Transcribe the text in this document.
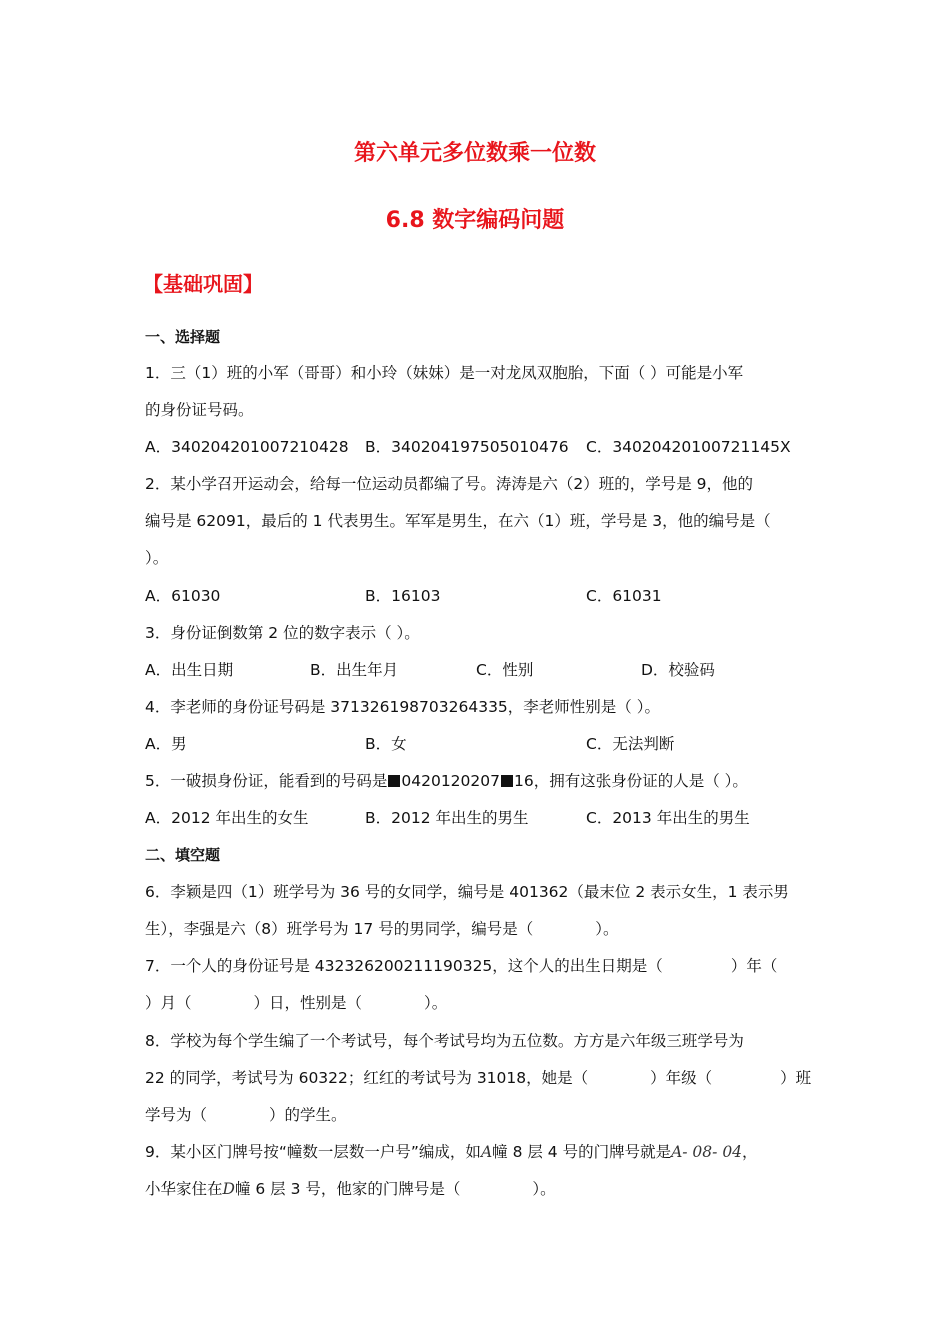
第六单元多位数乘一位数
6.8 数字编码问题
【基础巩固】
一、选择题
1．三（1）班的小军（哥哥）和小玲（妹妹）是一对龙凤双胞胎，下面（ ）可能是小军
的身份证号码。
A．340204201007210428 B．340204197505010476 C．34020420100721145X
2．某小学召开运动会，给每一位运动员都编了号。涛涛是六（2）班的，学号是 9，他的
编号是 62091，最后的 1 代表男生。军军是男生，在六（1）班，学号是 3，他的编号是（
）。
A．61030	B．16103	C．61031
3．身份证倒数第 2 位的数字表示（ ）。
A．出生日期	B．出生年月	C．性别	D．校验码
4．李老师的身份证号码是 371326198703264335，李老师性别是（ ）。
A．男	B．女	C．无法判断
5．一破损身份证，能看到的号码是 0420120207 16，拥有这张身份证的人是（ ）。
A．2012 年出生的女生	B．2012 年出生的男生	C．2013 年出生的男生
二、填空题
6．李颖是四（1）班学号为 36 号的女同学，编号是 401362（最末位 2 表示女生，1 表示男
生），李强是六（8）班学号为 17 号的男同学，编号是（	）。
7．一个人的身份证号是 432326200211190325，这个人的出生日期是（	）年（
）月（	）日，性别是（	）。
8．学校为每个学生编了一个考试号，每个考试号均为五位数。方方是六年级三班学号为
22 的同学，考试号为 60322；红红的考试号为 31018，她是（	）年级（	）班
学号为（	）的学生。
9．某小区门牌号按“幢数一层数一户号”编成，如A幢 8 层 4 号的门牌号就是A- 08- 04，
小华家住在D幢 6 层 3 号，他家的门牌号是（	）。
